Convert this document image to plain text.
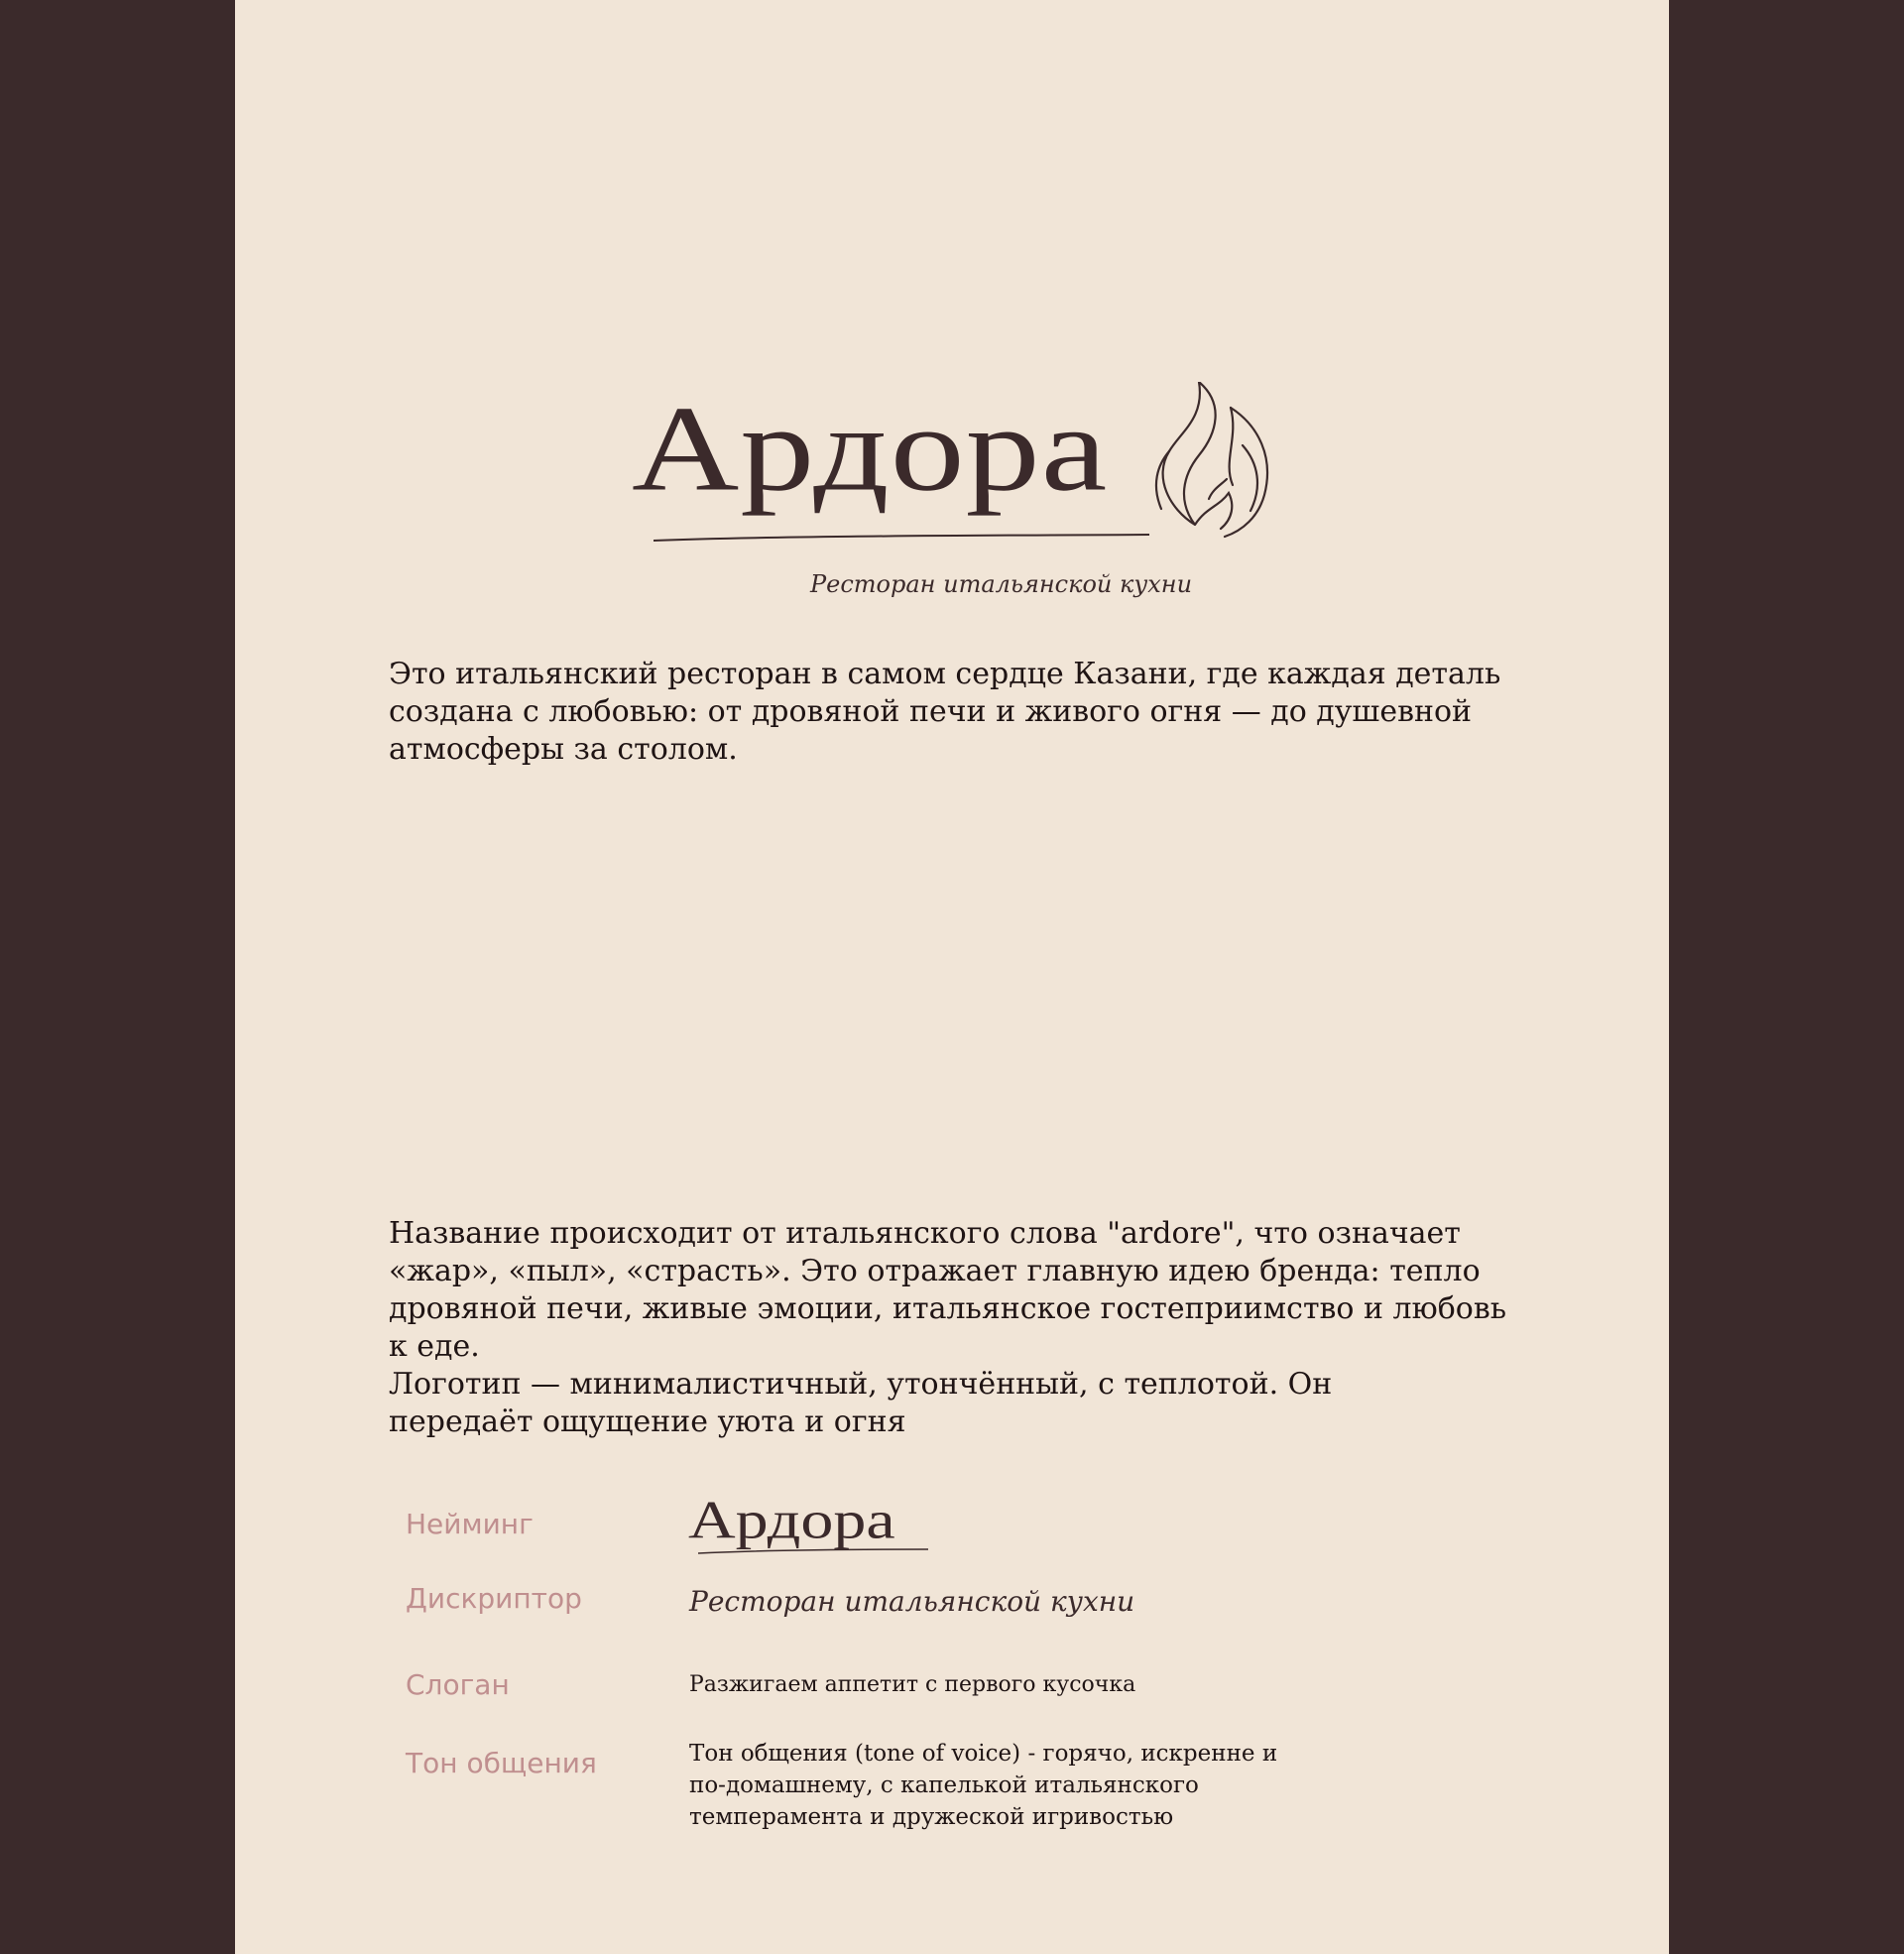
Ардора
Ресторан итальянской кухни

Это итальянский ресторан в самом сердце Казани, где каждая деталь создана с любовью: от дровяной печи и живого огня — до душевной атмосферы за столом.

Название происходит от итальянского слова "ardore", что означает «жар», «пыл», «страсть». Это отражает главную идею бренда: тепло дровяной печи, живые эмоции, итальянское гостеприимство и любовь к еде.

Логотип — минималистичный, утончённый, с теплотой. Он передаёт ощущение уюта и огня

Нейминг Ардора
Дискриптор	Ресторан итальянской кухни
Слоган	Разжигаем аппетит с первого кусочка
Тон общения	Тон общения (tone of voice) - горячо, искренне и по-домашнему, с капелькой итальянского темперамента и дружеской игривостью
